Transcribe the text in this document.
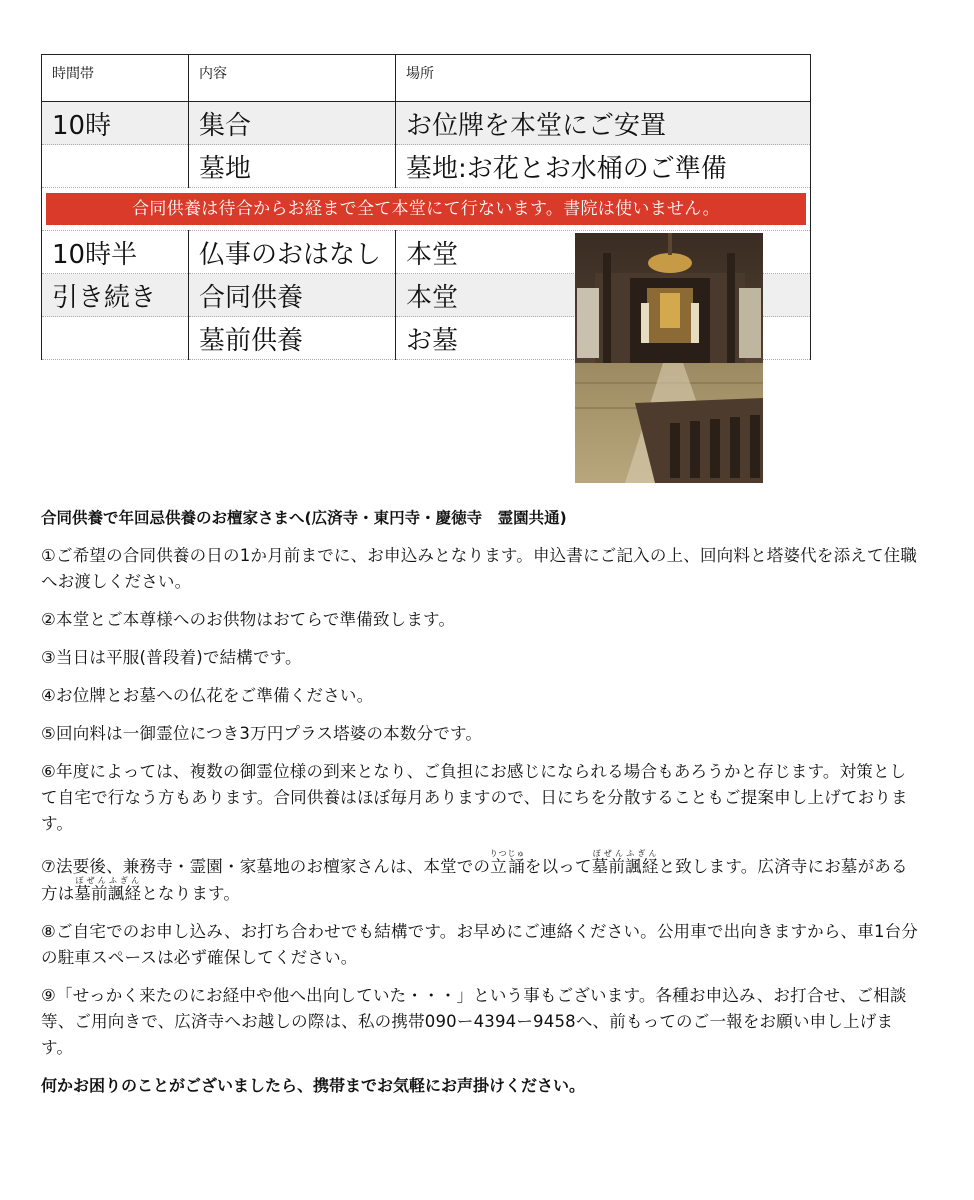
時間帯	内容	場所
10時	集合	お位牌を本堂にご安置
	墓地	墓地:お花とお水桶のご準備

合同供養は待合からお経まで全て本堂にて行ないます。書院は使いません。		

10時半	仏事のおはなし	本堂
引き続き	合同供養	本堂
	墓前供養	お墓

合同供養で年回忌供養のお檀家さまへ(広済寺・東円寺・慶徳寺　霊園共通)

①ご希望の合同供養の日の1か月前までに、お申込みとなります。申込書にご記入の上、回向料と塔婆代を添えて住職へお渡しください。

②本堂とご本尊様へのお供物はおてらで準備致します。

③当日は平服(普段着)で結構です。

④お位牌とお墓への仏花をご準備ください。

⑤回向料は一御霊位につき3万円プラス塔婆の本数分です。

⑥年度によっては、複数の御霊位様の到来となり、ご負担にお感じになられる場合もあろうかと存じます。対策として自宅で行なう方もあります。合同供養はほぼ毎月ありますので、日にちを分散することもご提案申し上げております。

⑦法要後、兼務寺・霊園・家墓地のお檀家さんは、本堂での立誦りつじゅを以って墓前諷経ぼぜんふぎんと致します。広済寺にお墓がある方は墓前諷経ぼぜんふぎんとなります。

⑧ご自宅でのお申し込み、お打ち合わせでも結構です。お早めにご連絡ください。公用車で出向きますから、車1台分の駐車スペースは必ず確保してください。

⑨「せっかく来たのにお経中や他へ出向していた・・・」という事もございます。各種お申込み、お打合せ、ご相談等、ご用向きで、広済寺へお越しの際は、私の携帯090ー4394ー9458へ、前もってのご一報をお願い申し上げます。

何かお困りのことがございましたら、携帯までお気軽にお声掛けください。
